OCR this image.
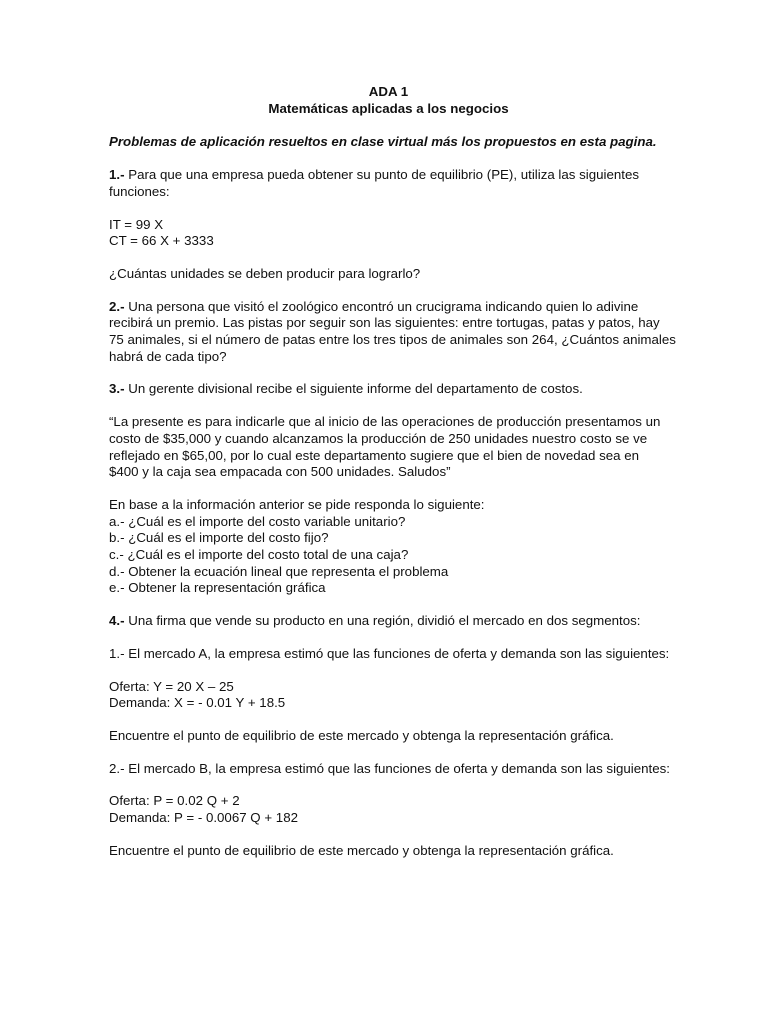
ADA 1
Matemáticas aplicadas a los negocios
Problemas de aplicación resueltos en clase virtual más los propuestos en esta pagina.
1.- Para que una empresa pueda obtener su punto de equilibrio (PE), utiliza las siguientes
funciones:
IT = 99 X
CT = 66 X + 3333
¿Cuántas unidades se deben producir para lograrlo?
2.- Una persona que visitó el zoológico encontró un crucigrama indicando quien lo adivine
recibirá un premio. Las pistas por seguir son las siguientes: entre tortugas, patas y patos, hay
75 animales, si el número de patas entre los tres tipos de animales son 264, ¿Cuántos animales
habrá de cada tipo?
3.- Un gerente divisional recibe el siguiente informe del departamento de costos.
“La presente es para indicarle que al inicio de las operaciones de producción presentamos un
costo de $35,000 y cuando alcanzamos la producción de 250 unidades nuestro costo se ve
reflejado en $65,00, por lo cual este departamento sugiere que el bien de novedad sea en
$400 y la caja sea empacada con 500 unidades. Saludos”
En base a la información anterior se pide responda lo siguiente:
a.- ¿Cuál es el importe del costo variable unitario?
b.- ¿Cuál es el importe del costo fijo?
c.- ¿Cuál es el importe del costo total de una caja?
d.- Obtener la ecuación lineal que representa el problema
e.- Obtener la representación gráfica
4.- Una firma que vende su producto en una región, dividió el mercado en dos segmentos:
1.- El mercado A, la empresa estimó que las funciones de oferta y demanda son las siguientes:
Oferta: Y = 20 X – 25
Demanda: X = - 0.01 Y + 18.5
Encuentre el punto de equilibrio de este mercado y obtenga la representación gráfica.
2.- El mercado B, la empresa estimó que las funciones de oferta y demanda son las siguientes:
Oferta: P = 0.02 Q + 2
Demanda: P = - 0.0067 Q + 182
Encuentre el punto de equilibrio de este mercado y obtenga la representación gráfica.
